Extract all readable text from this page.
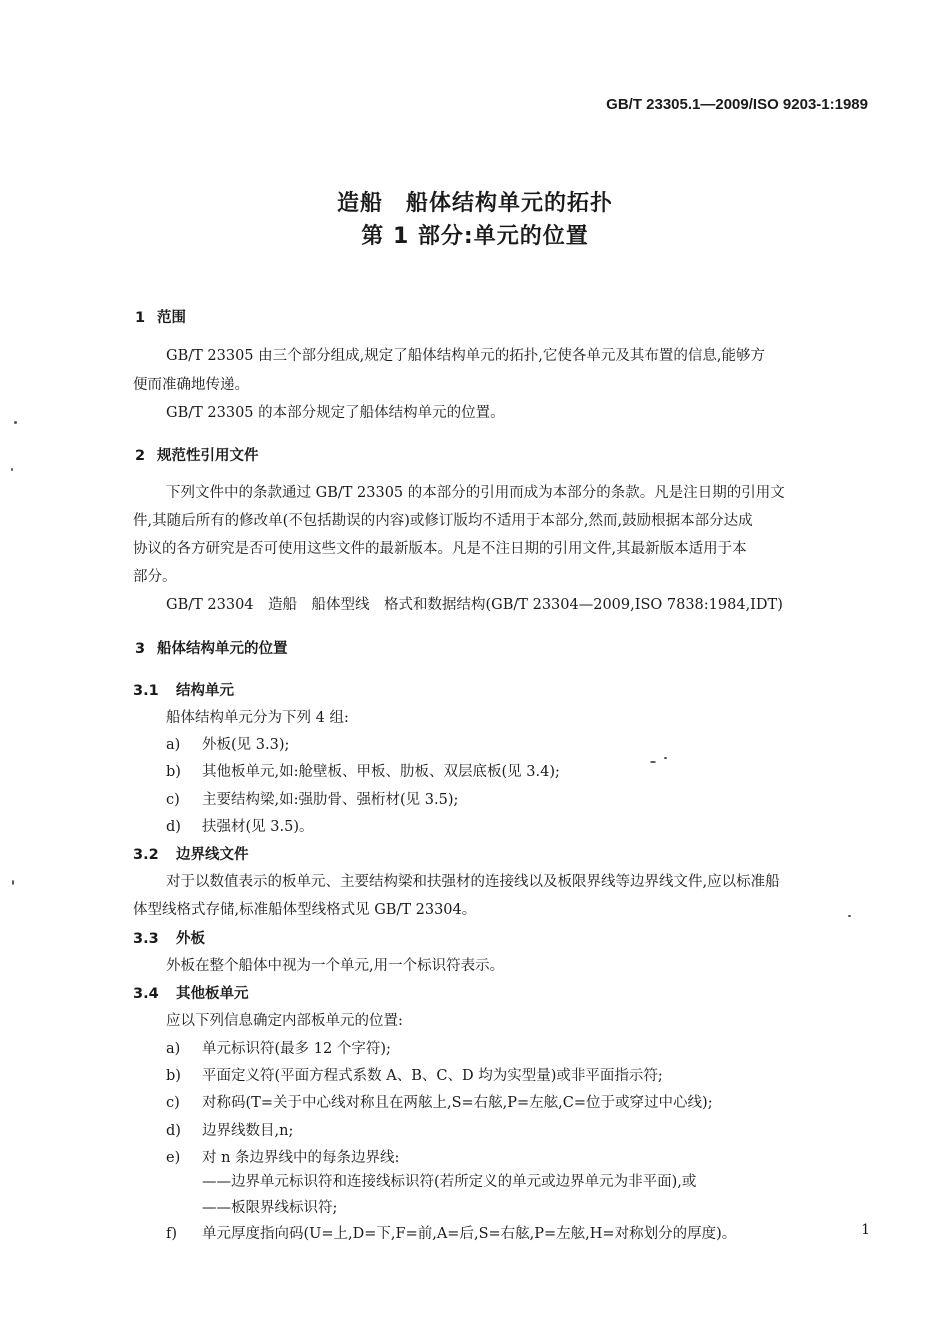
GB/T 23305.1—2009/ISO 9203-1:1989
造船　船体结构单元的拓扑
第 1 部分:单元的位置
1 范围
GB/T 23305 由三个部分组成,规定了船体结构单元的拓扑,它使各单元及其布置的信息,能够方
便而准确地传递。
GB/T 23305 的本部分规定了船体结构单元的位置。
2 规范性引用文件
下列文件中的条款通过 GB/T 23305 的本部分的引用而成为本部分的条款。凡是注日期的引用文
件,其随后所有的修改单(不包括勘误的内容)或修订版均不适用于本部分,然而,鼓励根据本部分达成
协议的各方研究是否可使用这些文件的最新版本。凡是不注日期的引用文件,其最新版本适用于本
部分。
GB/T 23304　造船　船体型线　格式和数据结构(GB/T 23304—2009,ISO 7838:1984,IDT)
3 船体结构单元的位置
3.1 结构单元
船体结构单元分为下列 4 组:
a) 外板(见 3.3);
b) 其他板单元,如:舱壁板、甲板、肋板、双层底板(见 3.4);
c) 主要结构梁,如:强肋骨、强桁材(见 3.5);
d) 扶强材(见 3.5)。
3.2 边界线文件
对于以数值表示的板单元、主要结构梁和扶强材的连接线以及板限界线等边界线文件,应以标准船
体型线格式存储,标准船体型线格式见 GB/T 23304。
3.3 外板
外板在整个船体中视为一个单元,用一个标识符表示。
3.4 其他板单元
应以下列信息确定内部板单元的位置:
a) 单元标识符(最多 12 个字符);
b) 平面定义符(平面方程式系数 A、B、C、D 均为实型量)或非平面指示符;
c) 对称码(T=关于中心线对称且在两舷上,S=右舷,P=左舷,C=位于或穿过中心线);
d) 边界线数目,n;
e) 对 n 条边界线中的每条边界线:
——边界单元标识符和连接线标识符(若所定义的单元或边界单元为非平面),或
——板限界线标识符;
f) 单元厚度指向码(U=上,D=下,F=前,A=后,S=右舷,P=左舷,H=对称划分的厚度)。	1
